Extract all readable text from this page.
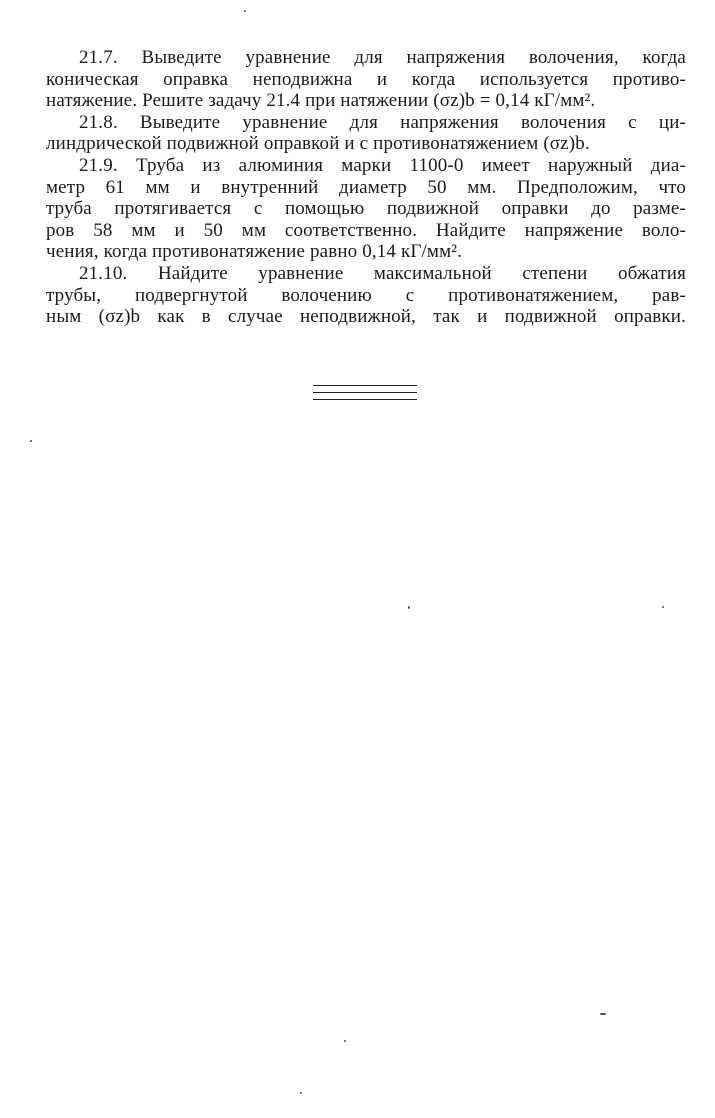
21.7. Выведите уравнение для напряжения волочения, когда
коническая оправка неподвижна и когда используется противо-
натяжение. Решите задачу 21.4 при натяжении (σz)b = 0,14 кГ/мм².
21.8. Выведите уравнение для напряжения волочения с ци-
линдрической подвижной оправкой и с противонатяжением (σz)b.
21.9. Труба из алюминия марки 1100-0 имеет наружный диа-
метр 61 мм и внутренний диаметр 50 мм. Предположим, что
труба протягивается с помощью подвижной оправки до разме-
ров 58 мм и 50 мм соответственно. Найдите напряжение воло-
чения, когда противонатяжение равно 0,14 кГ/мм².
21.10. Найдите уравнение максимальной степени обжатия
трубы, подвергнутой волочению с противонатяжением, рав-
ным (σz)b как в случае неподвижной, так и подвижной оправки.
